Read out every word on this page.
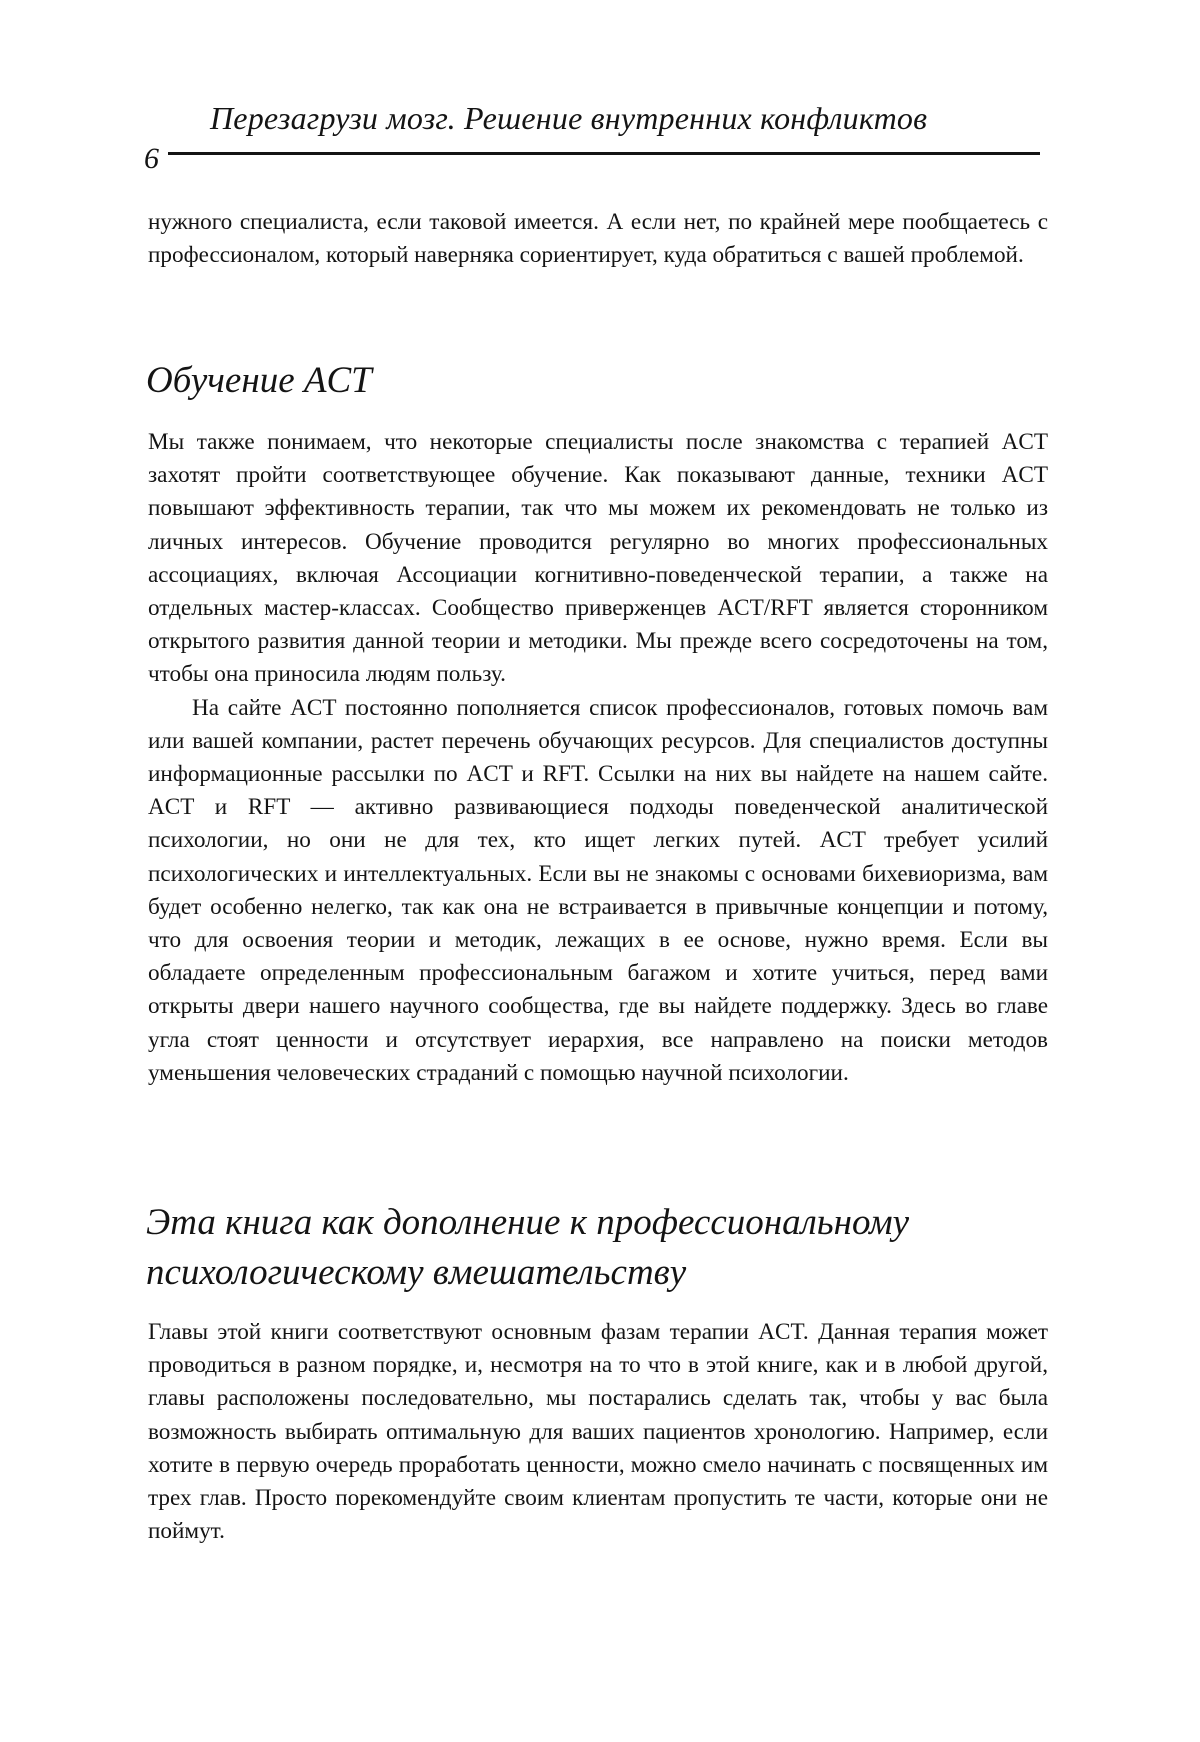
Перезагрузи мозг. Решение внутренних конфликтов
6

нужного специалиста, если таковой имеется. А если нет, по крайней мере пообщаетесь с профессионалом, который наверняка сориентирует, куда обратиться с вашей проблемой.

Обучение ACT

Мы также понимаем, что некоторые специалисты после знакомства с терапией ACT захотят пройти соответствующее обучение. Как показывают данные, техники ACT повышают эффективность терапии, так что мы можем их рекомендовать не только из личных интересов. Обучение проводится регулярно во многих профессиональных ассоциациях, включая Ассоциации когнитивно-поведенческой терапии, а также на отдельных мастер-классах. Сообщество приверженцев ACT/RFT является сторонником открытого развития данной теории и методики. Мы прежде всего сосредоточены на том, чтобы она приносила людям пользу.

На сайте ACT постоянно пополняется список профессионалов, готовых помочь вам или вашей компании, растет перечень обучающих ресурсов. Для специалистов доступны информационные рассылки по ACT и RFT. Ссылки на них вы найдете на нашем сайте. ACT и RFT — активно развивающиеся подходы поведенческой аналитической психологии, но они не для тех, кто ищет легких путей. ACT требует усилий психологических и интеллектуальных. Если вы не знакомы с основами бихевиоризма, вам будет особенно нелегко, так как она не встраивается в привычные концепции и потому, что для освоения теории и методик, лежащих в ее основе, нужно время. Если вы обладаете определенным профессиональным багажом и хотите учиться, перед вами открыты двери нашего научного сообщества, где вы найдете поддержку. Здесь во главе угла стоят ценности и отсутствует иерархия, все направлено на поиски методов уменьшения человеческих страданий с помощью научной психологии.

Эта книга как дополнение к профессиональному
психологическому вмешательству

Главы этой книги соответствуют основным фазам терапии ACT. Данная терапия может проводиться в разном порядке, и, несмотря на то что в этой книге, как и в любой другой, главы расположены последовательно, мы постарались сделать так, чтобы у вас была возможность выбирать оптимальную для ваших пациентов хронологию. Например, если хотите в первую очередь проработать ценности, можно смело начинать с посвященных им трех глав. Просто порекомендуйте своим клиентам пропустить те части, которые они не поймут.
